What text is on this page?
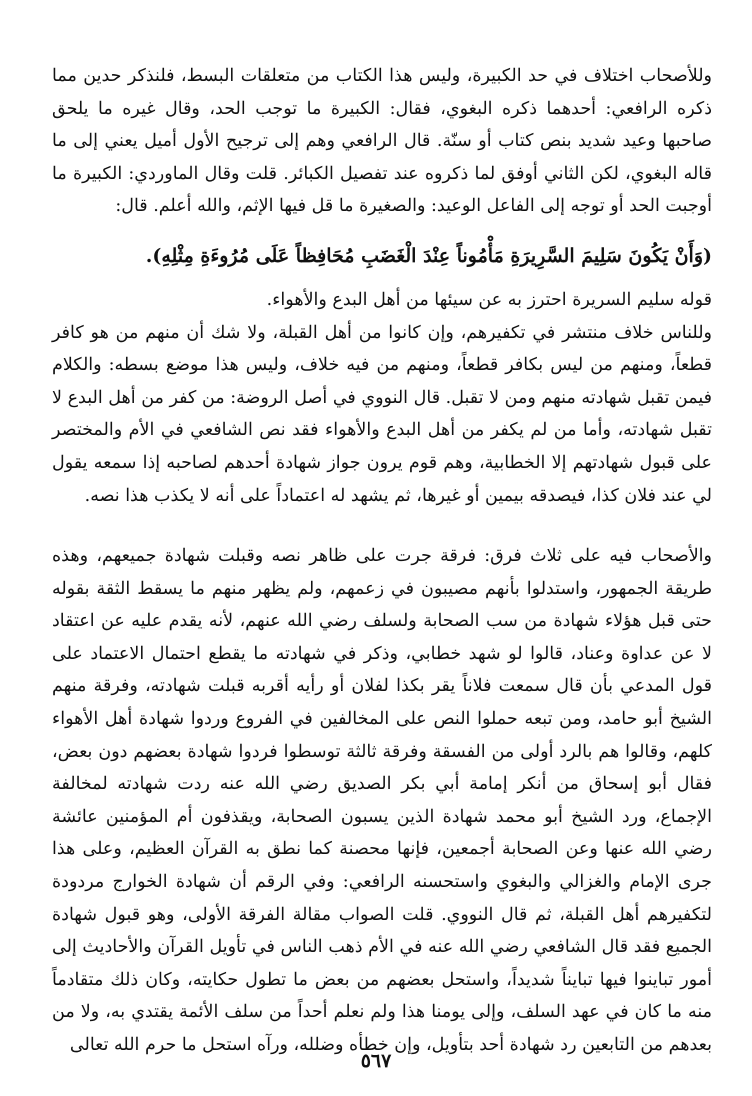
وللأصحاب اختلاف في حد الكبيرة، وليس هذا الكتاب من متعلقات البسط، فلنذكر حدين مما ذكره الرافعي: أحدهما ذكره البغوي، فقال: الكبيرة ما توجب الحد، وقال غيره ما يلحق صاحبها وعيد شديد بنص كتاب أو سنّة. قال الرافعي وهم إلى ترجيح الأول أميل يعني إلى ما قاله البغوي، لكن الثاني أوفق لما ذكروه عند تفصيل الكبائر. قلت وقال الماوردي: الكبيرة ما أوجبت الحد أو توجه إلى الفاعل الوعيد: والصغيرة ما قل فيها الإثم، والله أعلم. قال:

(وَأَنْ يَكُونَ سَلِيمَ السَّرِيرَةِ مَأْمُوناً عِنْدَ الْغَضَبِ مُحَافِظاً عَلَى مُرُوءَةِ مِثْلِهِ).

قوله سليم السريرة احترز به عن سيئها من أهل البدع والأهواء.

وللناس خلاف منتشر في تكفيرهم، وإن كانوا من أهل القبلة، ولا شك أن منهم من هو كافر قطعاً، ومنهم من ليس بكافر قطعاً، ومنهم من فيه خلاف، وليس هذا موضع بسطه: والكلام فيمن تقبل شهادته منهم ومن لا تقبل. قال النووي في أصل الروضة: من كفر من أهل البدع لا تقبل شهادته، وأما من لم يكفر من أهل البدع والأهواء فقد نص الشافعي في الأم والمختصر على قبول شهادتهم إلا الخطابية، وهم قوم يرون جواز شهادة أحدهم لصاحبه إذا سمعه يقول لي عند فلان كذا، فيصدقه بيمين أو غيرها، ثم يشهد له اعتماداً على أنه لا يكذب هذا نصه.

والأصحاب فيه على ثلاث فرق: فرقة جرت على ظاهر نصه وقبلت شهادة جميعهم، وهذه طريقة الجمهور، واستدلوا بأنهم مصيبون في زعمهم، ولم يظهر منهم ما يسقط الثقة بقوله حتى قبل هؤلاء شهادة من سب الصحابة ولسلف رضي الله عنهم، لأنه يقدم عليه عن اعتقاد لا عن عداوة وعناد، قالوا لو شهد خطابي، وذكر في شهادته ما يقطع احتمال الاعتماد على قول المدعي بأن قال سمعت فلاناً يقر بكذا لفلان أو رأيه أقربه قبلت شهادته، وفرقة منهم الشيخ أبو حامد، ومن تبعه حملوا النص على المخالفين في الفروع وردوا شهادة أهل الأهواء كلهم، وقالوا هم بالرد أولى من الفسقة وفرقة ثالثة توسطوا فردوا شهادة بعضهم دون بعض، فقال أبو إسحاق من أنكر إمامة أبي بكر الصديق رضي الله عنه ردت شهادته لمخالفة الإجماع، ورد الشيخ أبو محمد شهادة الذين يسبون الصحابة، ويقذفون أم المؤمنين عائشة رضي الله عنها وعن الصحابة أجمعين، فإنها محصنة كما نطق به القرآن العظيم، وعلى هذا جرى الإمام والغزالي والبغوي واستحسنه الرافعي: وفي الرقم أن شهادة الخوارج مردودة لتكفيرهم أهل القبلة، ثم قال النووي. قلت الصواب مقالة الفرقة الأولى، وهو قبول شهادة الجميع فقد قال الشافعي رضي الله عنه في الأم ذهب الناس في تأويل القرآن والأحاديث إلى أمور تباينوا فيها تبايناً شديداً، واستحل بعضهم من بعض ما تطول حكايته، وكان ذلك متقادماً منه ما كان في عهد السلف، وإلى يومنا هذا ولم نعلم أحداً من سلف الأئمة يقتدي به، ولا من بعدهم من التابعين رد شهادة أحد بتأويل، وإن خطأه وضلله، ورآه استحل ما حرم الله تعالى

٥٦٧
